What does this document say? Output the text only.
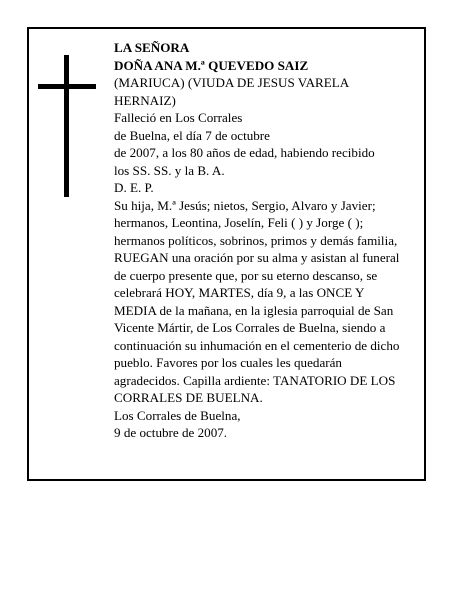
LA SEÑORA
DOÑA ANA M.ª QUEVEDO SAIZ
(MARIUCA) (VIUDA DE JESUS VARELA
HERNAIZ)
Falleció en Los Corrales
de Buelna, el día 7 de octubre
de 2007, a los 80 años de edad, habiendo recibido
los SS. SS. y la B. A.
D. E. P.
Su hija, M.ª Jesús; nietos, Sergio, Alvaro y Javier;
hermanos, Leontina, Joselín, Feli ( ) y Jorge ( );
hermanos políticos, sobrinos, primos y demás familia,
RUEGAN una oración por su alma y asistan al funeral
de cuerpo presente que, por su eterno descanso, se
celebrará HOY, MARTES, día 9, a las ONCE Y
MEDIA de la mañana, en la iglesia parroquial de San
Vicente Mártir, de Los Corrales de Buelna, siendo a
continuación su inhumación en el cementerio de dicho
pueblo. Favores por los cuales les quedarán
agradecidos. Capilla ardiente: TANATORIO DE LOS
CORRALES DE BUELNA.
Los Corrales de Buelna,
9 de octubre de 2007.
